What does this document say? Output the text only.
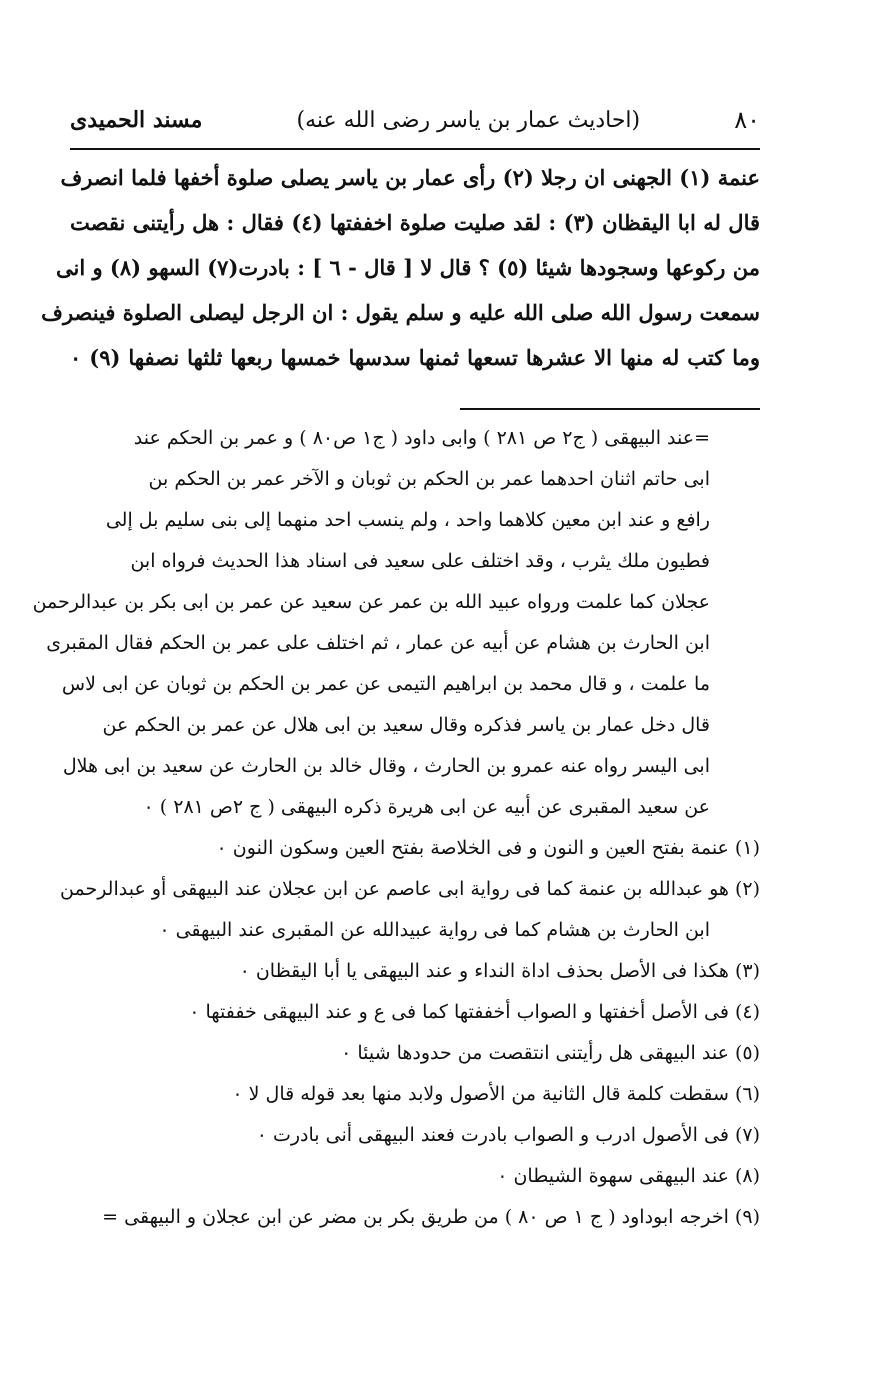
٨٠
(احاديث عمار بن ياسر رضى الله عنه)
مسند الحميدى
عنمة (١) الجهنى ان رجلا (٢) رأى عمار بن ياسر يصلى صلوة أخفها فلما انصرف
قال له ابا اليقظان (٣) : لقد صليت صلوة اخففتها (٤) فقال : هل رأيتنى نقصت
من ركوعها وسجودها شيئا (٥) ؟ قال لا [ قال - ٦ ] : بادرت(٧) السهو (٨) و انى
سمعت رسول الله صلى الله عليه و سلم يقول : ان الرجل ليصلى الصلوة فينصرف
وما كتب له منها الا عشرها تسعها ثمنها سدسها خمسها ربعها ثلثها نصفها (٩) ٠
=عند البيهقى ( ج٢ ص ٢٨١ ) وابى داود ( ج١ ص٨٠ ) و عمر بن الحكم عند
ابى حاتم اثنان احدهما عمر بن الحكم بن ثوبان و الآخر عمر بن الحكم بن
رافع و عند ابن معين كلاهما واحد ، ولم ينسب احد منهما إلى بنى سليم بل إلى
فطيون ملك يثرب ، وقد اختلف على سعيد فى اسناد هذا الحديث فرواه ابن
عجلان كما علمت ورواه عبيد الله بن عمر عن سعيد عن عمر بن ابى بكر بن عبدالرحمن
ابن الحارث بن هشام عن أبيه عن عمار ، ثم اختلف على عمر بن الحكم فقال المقبرى
ما علمت ، و قال محمد بن ابراهيم التيمى عن عمر بن الحكم بن ثوبان عن ابى لاس
قال دخل عمار بن ياسر فذكره وقال سعيد بن ابى هلال عن عمر بن الحكم عن
ابى اليسر رواه عنه عمرو بن الحارث ، وقال خالد بن الحارث عن سعيد بن ابى هلال
عن سعيد المقبرى عن أبيه عن ابى هريرة ذكره البيهقى ( ج ٢ص ٢٨١ ) ٠
(١) عنمة بفتح العين و النون و فى الخلاصة بفتح العين وسكون النون ٠
(٢) هو عبدالله بن عنمة كما فى رواية ابى عاصم عن ابن عجلان عند البيهقى أو عبدالرحمن
ابن الحارث بن هشام كما فى رواية عبيدالله عن المقبرى عند البيهقى ٠
(٣) هكذا فى الأصل بحذف اداة النداء و عند البيهقى يا أبا اليقظان ٠
(٤) فى الأصل أخفتها و الصواب أخففتها كما فى ع و عند البيهقى خففتها ٠
(٥) عند البيهقى هل رأيتنى انتقصت من حدودها شيئا ٠
(٦) سقطت كلمة قال الثانية من الأصول ولابد منها بعد قوله قال لا ٠
(٧) فى الأصول ادرب و الصواب بادرت فعند البيهقى أنى بادرت ٠
(٨) عند البيهقى سهوة الشيطان ٠
(٩) اخرجه ابوداود ( ج ١ ص ٨٠ ) من طريق بكر بن مضر عن ابن عجلان و البيهقى =
